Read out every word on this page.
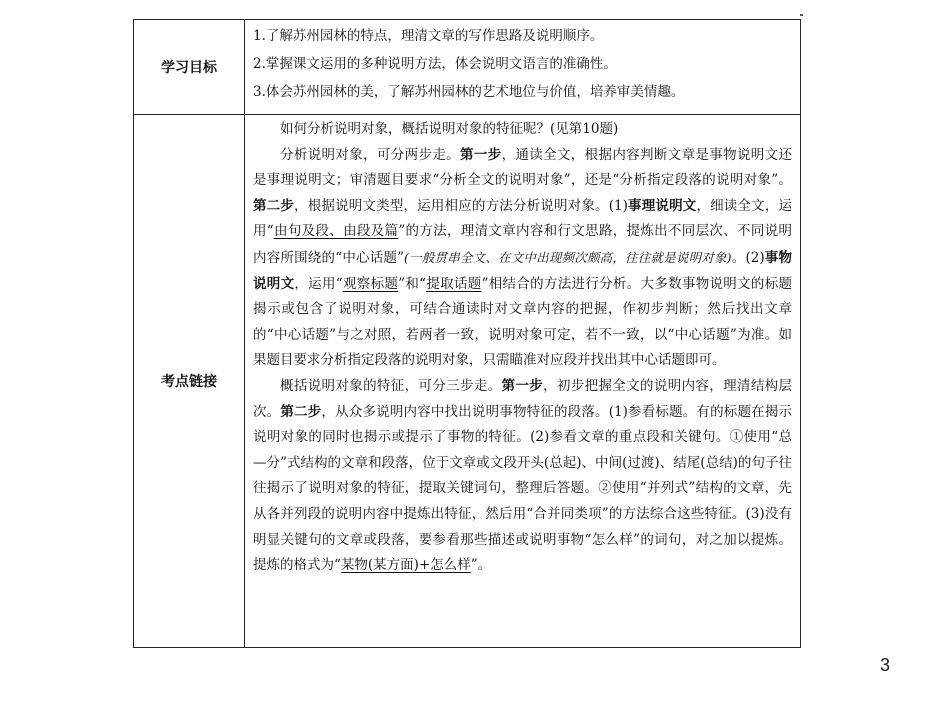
学习目标	1.了解苏州园林的特点，理清文章的写作思路及说明顺序。

2.掌握课文运用的多种说明方法，体会说明文语言的准确性。

3.体会苏州园林的美，了解苏州园林的艺术地位与价值，培养审美情趣。

考点链接	如何分析说明对象，概括说明对象的特征呢？(见第10题)

分析说明对象，可分两步走。第一步，通读全文，根据内容判断文章是事物说明文还是事理说明文；审清题目要求“分析全文的说明对象”，还是“分析指定段落的说明对象”。第二步，根据说明文类型，运用相应的方法分析说明对象。(1)事理说明文，细读全文，运用“由句及段、由段及篇”的方法，理清文章内容和行文思路，提炼出不同层次、不同说明内容所围绕的“中心话题”(一般贯串全文、在文中出现频次颇高，往往就是说明对象)。(2)事物说明文，运用“观察标题”和“提取话题”相结合的方法进行分析。大多数事物说明文的标题揭示或包含了说明对象，可结合通读时对文章内容的把握，作初步判断；然后找出文章的“中心话题”与之对照，若两者一致，说明对象可定，若不一致，以“中心话题”为准。如果题目要求分析指定段落的说明对象，只需瞄准对应段并找出其中心话题即可。

概括说明对象的特征，可分三步走。第一步，初步把握全文的说明内容，理清结构层次。第二步，从众多说明内容中找出说明事物特征的段落。(1)参看标题。有的标题在揭示说明对象的同时也揭示或提示了事物的特征。(2)参看文章的重点段和关键句。①使用“总—分”式结构的文章和段落，位于文章或文段开头(总起)、中间(过渡)、结尾(总结)的句子往往揭示了说明对象的特征，提取关键词句，整理后答题。②使用“并列式”结构的文章，先从各并列段的说明内容中提炼出特征，然后用“合并同类项”的方法综合这些特征。(3)没有明显关键句的文章或段落，要参看那些描述或说明事物“怎么样”的词句，对之加以提炼。提炼的格式为“某物(某方面)+怎么样”。

3
